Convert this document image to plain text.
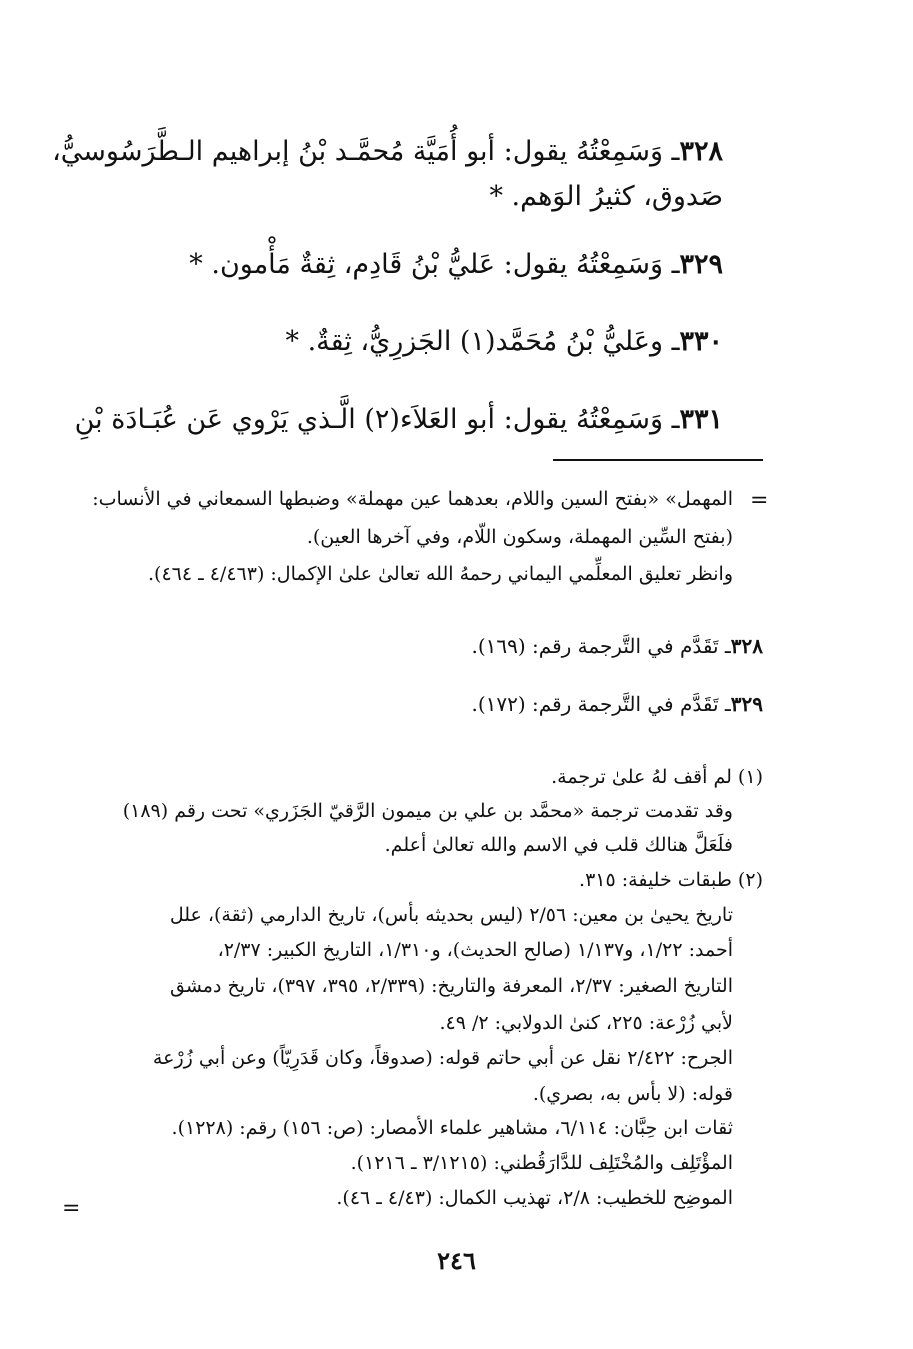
٣٢٨ـ وَسَمِعْتُهُ يقول: أبو أُمَيَّة مُحمَّـد بْنُ إبراهيم الـطَّرَسُوسيُّ،
صَدوق، كثيرُ الوَهم. *
٣٢٩ـ وَسَمِعْتُهُ يقول: عَليُّ بْنُ قَادِم، ثِقةٌ مَأْمون. *
٣٣٠ـ وعَليُّ بْنُ مُحَمَّد(١) الجَزرِيُّ، ثِقةٌ. *
٣٣١ـ وَسَمِعْتُهُ يقول: أبو العَلاَء(٢) الَّـذي يَرْوي عَن عُبَـادَة بْنِ
=
المهمل» «بفتح السين واللام، بعدهما عين مهملة» وضبطها السمعاني في الأنساب:
(بفتح السِّين المهملة، وسكون اللّام، وفي آخرها العين).
وانظر تعليق المعلِّمي اليماني رحمهُ الله تعالىٰ علىٰ الإكمال: (٤/٤٦٣ ـ ٤٦٤).
٣٢٨ـ تَقَدَّم في التَّرجمة رقم: (١٦٩).
٣٢٩ـ تَقَدَّم في التَّرجمة رقم: (١٧٢).
(١) لم أقف لهُ علىٰ ترجمة.
وقد تقدمت ترجمة «محمَّد بن علي بن ميمون الرَّقيّ الجَزَري» تحت رقم (١٨٩)
فلَعَلَّ هنالك قلب في الاسم والله تعالىٰ أعلم.
(٢) طبقات خليفة: ٣١٥.
تاريخ يحيىٰ بن معين: ٢/٥٦ (ليس بحديثه بأس)، تاريخ الدارمي (ثقة)، علل
أحمد: ١/٢٢، و١/١٣٧ (صالح الحديث)، و١/٣١٠، التاريخ الكبير: ٢/٣٧،
التاريخ الصغير: ٢/٣٧، المعرفة والتاريخ: (٢/٣٣٩، ٣٩٥، ٣٩٧)، تاريخ دمشق
لأبي زُرْعة: ٢٢٥، كنىٰ الدولابي: ٢/ ٤٩.
الجرح: ٢/٤٢٢ نقل عن أبي حاتم قوله: (صدوقاً، وكان قَدَرِيّاً) وعن أبي زُرْعة
قوله: (لا بأس به، بصري).
ثقات ابن حِبَّان: ٦/١١٤، مشاهير علماء الأمصار: (ص: ١٥٦) رقم: (١٢٢٨).
المؤْتَلِف والمُخْتَلِف للدَّارَقُطني: (٣/١٢١٥ ـ ١٢١٦).
الموضِح للخطيب: ٢/٨، تهذيب الكمال: (٤/٤٣ ـ ٤٦).
=
٢٤٦
